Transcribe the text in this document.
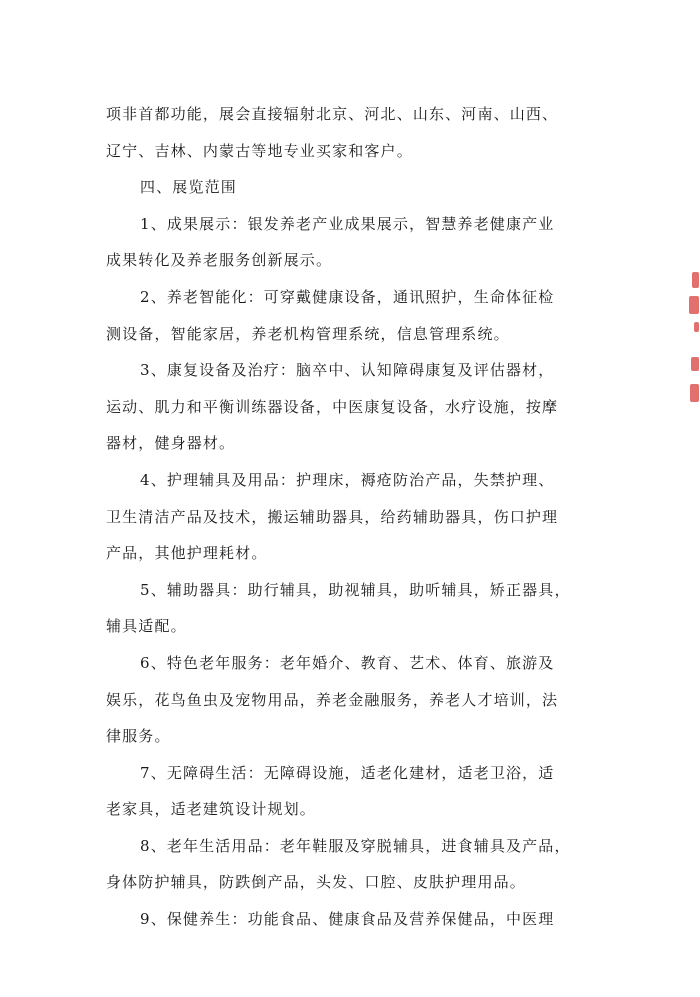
项非首都功能，展会直接辐射北京、河北、山东、河南、山西、
辽宁、吉林、内蒙古等地专业买家和客户。
四、展览范围
1、成果展示：银发养老产业成果展示，智慧养老健康产业
成果转化及养老服务创新展示。
2、养老智能化：可穿戴健康设备，通讯照护，生命体征检
测设备，智能家居，养老机构管理系统，信息管理系统。
3、康复设备及治疗：脑卒中、认知障碍康复及评估器材，
运动、肌力和平衡训练器设备，中医康复设备，水疗设施，按摩
器材，健身器材。
4、护理辅具及用品：护理床，褥疮防治产品，失禁护理、
卫生清洁产品及技术，搬运辅助器具，给药辅助器具，伤口护理
产品，其他护理耗材。
5、辅助器具：助行辅具，助视辅具，助听辅具，矫正器具，
辅具适配。
6、特色老年服务：老年婚介、教育、艺术、体育、旅游及
娱乐，花鸟鱼虫及宠物用品，养老金融服务，养老人才培训，法
律服务。
7、无障碍生活：无障碍设施，适老化建材，适老卫浴，适
老家具，适老建筑设计规划。
8、老年生活用品：老年鞋服及穿脱辅具，进食辅具及产品，
身体防护辅具，防跌倒产品，头发、口腔、皮肤护理用品。
9、保健养生：功能食品、健康食品及营养保健品，中医理
